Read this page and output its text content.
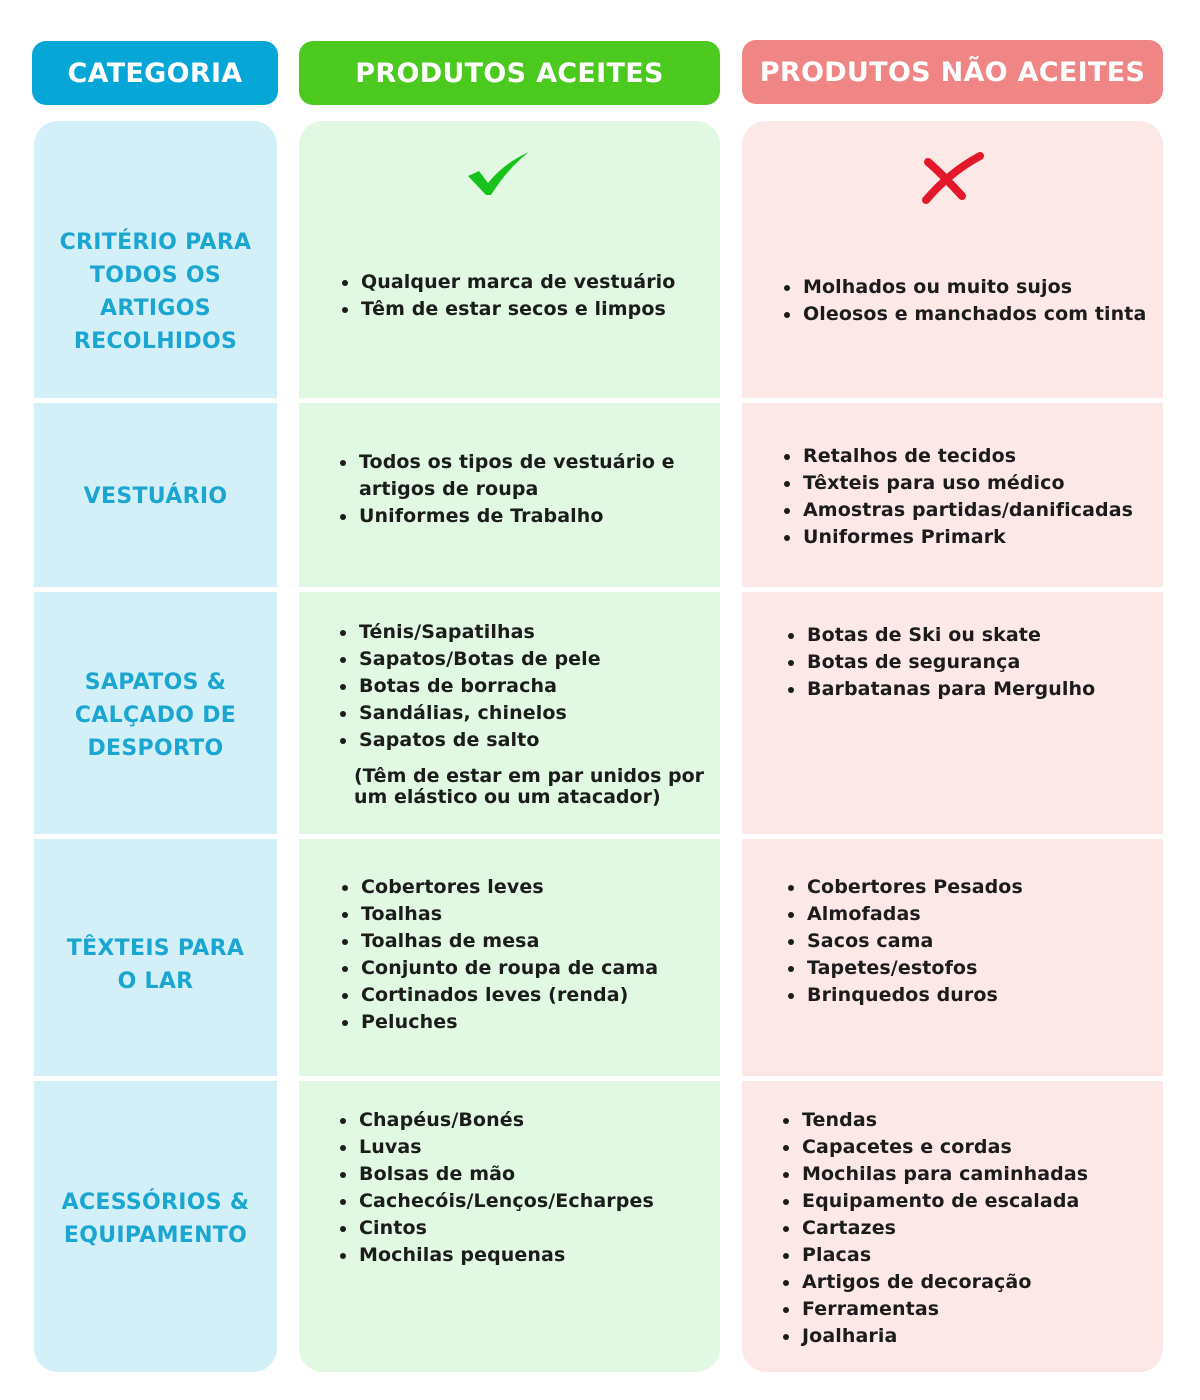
CATEGORIA	PRODUTOS ACEITES	PRODUTOS NÃO ACEITES
CRITÉRIO PARA
TODOS OS
ARTIGOS
RECOLHIDOS
VESTUÁRIO
SAPATOS &
CALÇADO DE
DESPORTO
TÊXTEIS PARA
O LAR
ACESSÓRIOS &
EQUIPAMENTO
Qualquer marca de vestuário
Têm de estar secos e limpos
Molhados ou muito sujos
Oleosos e manchados com tinta
Todos os tipos de vestuário e artigos de roupa
Uniformes de Trabalho
Retalhos de tecidos
Têxteis para uso médico
Amostras partidas/danificadas
Uniformes Primark
Ténis/Sapatilhas
Sapatos/Botas de pele
Botas de borracha
Sandálias, chinelos
Sapatos de salto
(Têm de estar em par unidos por
um elástico ou um atacador)
Botas de Ski ou skate
Botas de segurança
Barbatanas para Mergulho
Cobertores leves
Toalhas
Toalhas de mesa
Conjunto de roupa de cama
Cortinados leves (renda)
Peluches
Cobertores Pesados
Almofadas
Sacos cama
Tapetes/estofos
Brinquedos duros
Chapéus/Bonés
Luvas
Bolsas de mão
Cachecóis/Lenços/Echarpes
Cintos
Mochilas pequenas
Tendas
Capacetes e cordas
Mochilas para caminhadas
Equipamento de escalada
Cartazes
Placas
Artigos de decoração
Ferramentas
Joalharia
